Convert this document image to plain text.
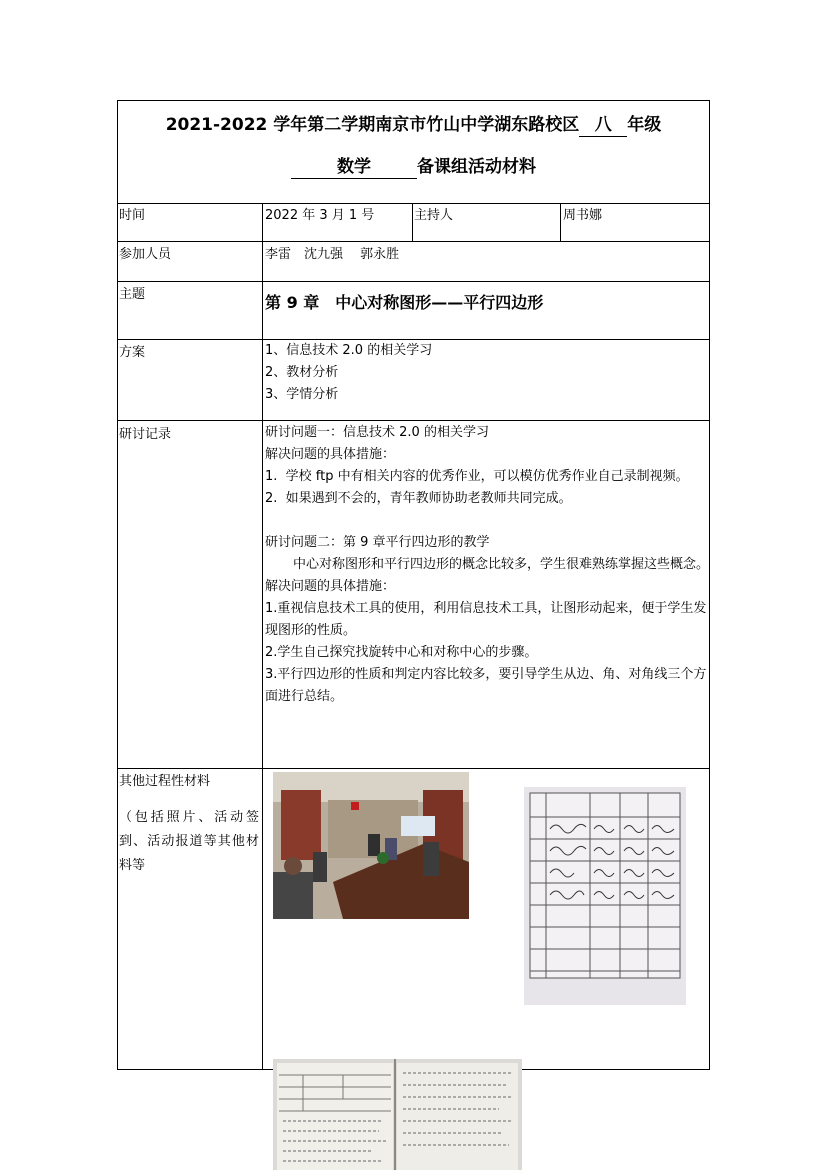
2021-2022 学年第二学期南京市竹山中学湖东路校区 八 年级
数学	备课组活动材料
时间	2022 年 3 月 1 号	主持人	周书娜
参加人员	李雷　沈九强　 郭永胜
主题	第 9 章　中心对称图形——平行四边形
方案	1、信息技术 2.0 的相关学习
2、教材分析
3、学情分析
研讨记录	研讨问题一：信息技术 2.0 的相关学习
解决问题的具体措施：
1.  学校 ftp 中有相关内容的优秀作业，可以模仿优秀作业自己录制视频。
2.  如果遇到不会的，青年教师协助老教师共同完成。
研讨问题二：第 9 章平行四边形的教学
中心对称图形和平行四边形的概念比较多，学生很难熟练掌握这些概念。
解决问题的具体措施：
1.重视信息技术工具的使用，利用信息技术工具，让图形动起来，便于学生发现图形的性质。
2.学生自己探究找旋转中心和对称中心的步骤。
3.平行四边形的性质和判定内容比较多，要引导学生从边、角、对角线三个方面进行总结。
其他过程性材料
（包括照片、活动签到、活动报道等其他材料等
